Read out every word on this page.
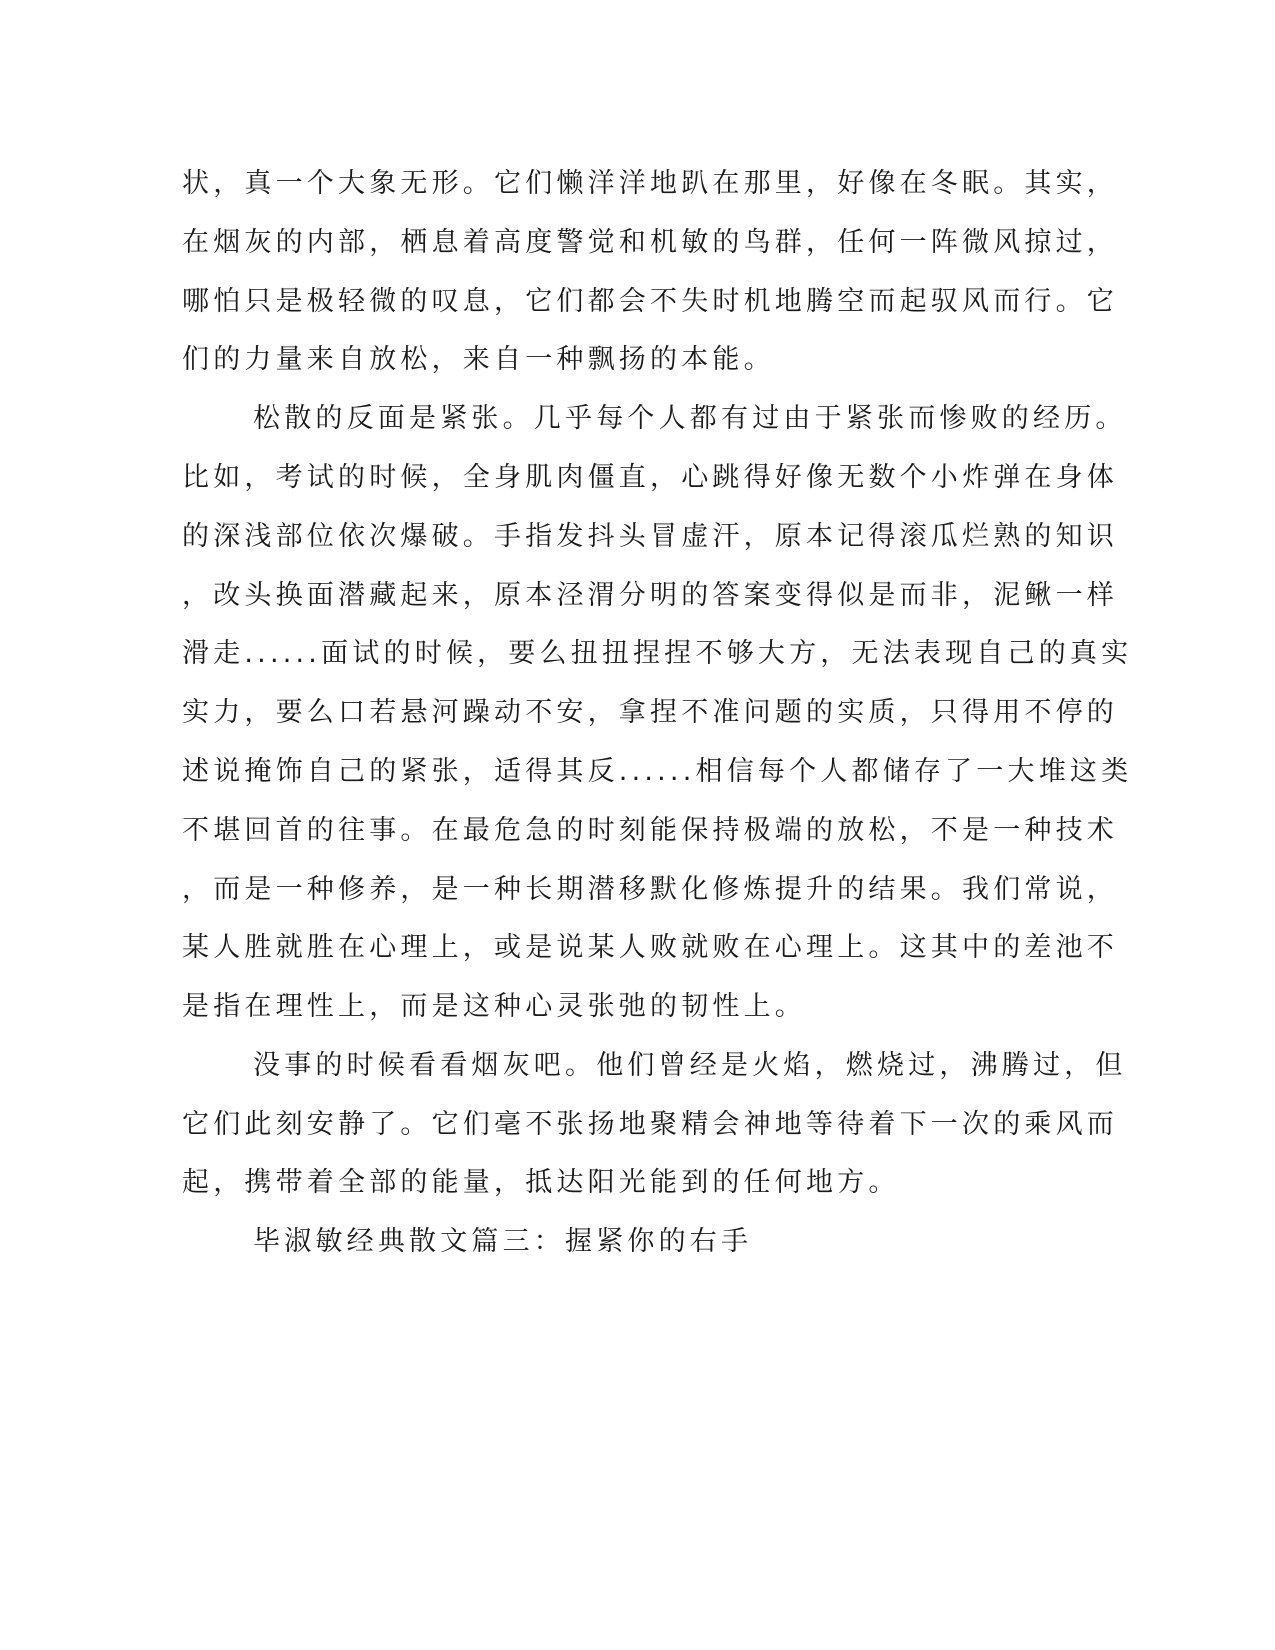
状，真一个大象无形。它们懒洋洋地趴在那里，好像在冬眠。其实，
在烟灰的内部，栖息着高度警觉和机敏的鸟群，任何一阵微风掠过，
哪怕只是极轻微的叹息，它们都会不失时机地腾空而起驭风而行。它
们的力量来自放松，来自一种飘扬的本能。
松散的反面是紧张。几乎每个人都有过由于紧张而惨败的经历。
比如，考试的时候，全身肌肉僵直，心跳得好像无数个小炸弹在身体
的深浅部位依次爆破。手指发抖头冒虚汗，原本记得滚瓜烂熟的知识
，改头换面潜藏起来，原本泾渭分明的答案变得似是而非，泥鳅一样
滑走......面试的时候，要么扭扭捏捏不够大方，无法表现自己的真实
实力，要么口若悬河躁动不安，拿捏不准问题的实质，只得用不停的
述说掩饰自己的紧张，适得其反......相信每个人都储存了一大堆这类
不堪回首的往事。在最危急的时刻能保持极端的放松，不是一种技术
，而是一种修养，是一种长期潜移默化修炼提升的结果。我们常说，
某人胜就胜在心理上，或是说某人败就败在心理上。这其中的差池不
是指在理性上，而是这种心灵张弛的韧性上。
没事的时候看看烟灰吧。他们曾经是火焰，燃烧过，沸腾过，但
它们此刻安静了。它们毫不张扬地聚精会神地等待着下一次的乘风而
起，携带着全部的能量，抵达阳光能到的任何地方。
毕淑敏经典散文篇三：握紧你的右手
